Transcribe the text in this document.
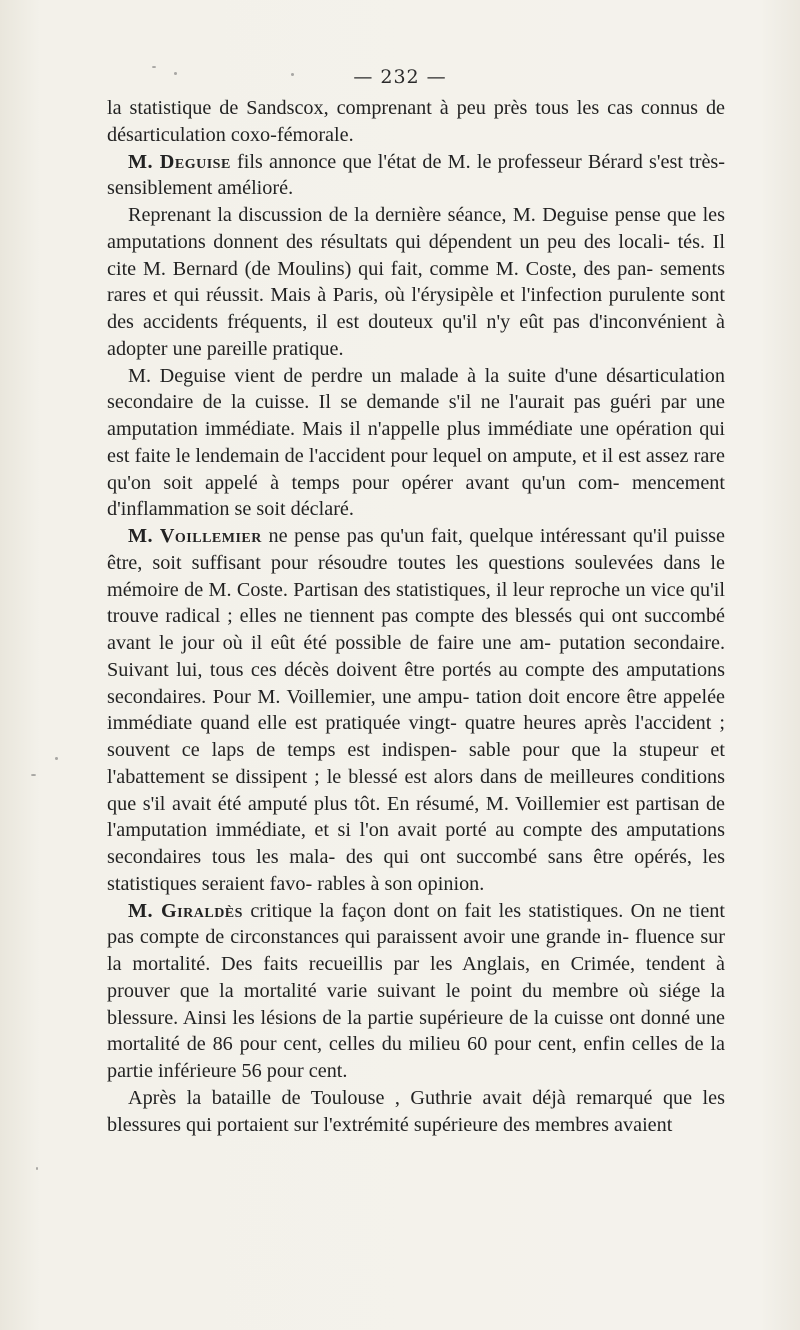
— 232 —

la statistique de Sandscox, comprenant à peu près tous les cas connus de désarticulation coxo-fémorale.

M. Deguise fils annonce que l'état de M. le professeur Bérard s'est très-sensiblement amélioré.

Reprenant la discussion de la dernière séance, M. Deguise pense que les amputations donnent des résultats qui dépendent un peu des locali- tés. Il cite M. Bernard (de Moulins) qui fait, comme M. Coste, des pan- sements rares et qui réussit. Mais à Paris, où l'érysipèle et l'infection purulente sont des accidents fréquents, il est douteux qu'il n'y eût pas d'inconvénient à adopter une pareille pratique.

M. Deguise vient de perdre un malade à la suite d'une désarticulation secondaire de la cuisse. Il se demande s'il ne l'aurait pas guéri par une amputation immédiate. Mais il n'appelle plus immédiate une opération qui est faite le lendemain de l'accident pour lequel on ampute, et il est assez rare qu'on soit appelé à temps pour opérer avant qu'un com- mencement d'inflammation se soit déclaré.

M. Voillemier ne pense pas qu'un fait, quelque intéressant qu'il puisse être, soit suffisant pour résoudre toutes les questions soulevées dans le mémoire de M. Coste. Partisan des statistiques, il leur reproche un vice qu'il trouve radical ; elles ne tiennent pas compte des blessés qui ont succombé avant le jour où il eût été possible de faire une am- putation secondaire. Suivant lui, tous ces décès doivent être portés au compte des amputations secondaires. Pour M. Voillemier, une ampu- tation doit encore être appelée immédiate quand elle est pratiquée vingt- quatre heures après l'accident ; souvent ce laps de temps est indispen- sable pour que la stupeur et l'abattement se dissipent ; le blessé est alors dans de meilleures conditions que s'il avait été amputé plus tôt. En résumé, M. Voillemier est partisan de l'amputation immédiate, et si l'on avait porté au compte des amputations secondaires tous les mala- des qui ont succombé sans être opérés, les statistiques seraient favo- rables à son opinion.

M. Giraldès critique la façon dont on fait les statistiques. On ne tient pas compte de circonstances qui paraissent avoir une grande in- fluence sur la mortalité. Des faits recueillis par les Anglais, en Crimée, tendent à prouver que la mortalité varie suivant le point du membre où siége la blessure. Ainsi les lésions de la partie supérieure de la cuisse ont donné une mortalité de 86 pour cent, celles du milieu 60 pour cent, enfin celles de la partie inférieure 56 pour cent.

Après la bataille de Toulouse , Guthrie avait déjà remarqué que les blessures qui portaient sur l'extrémité supérieure des membres avaient
